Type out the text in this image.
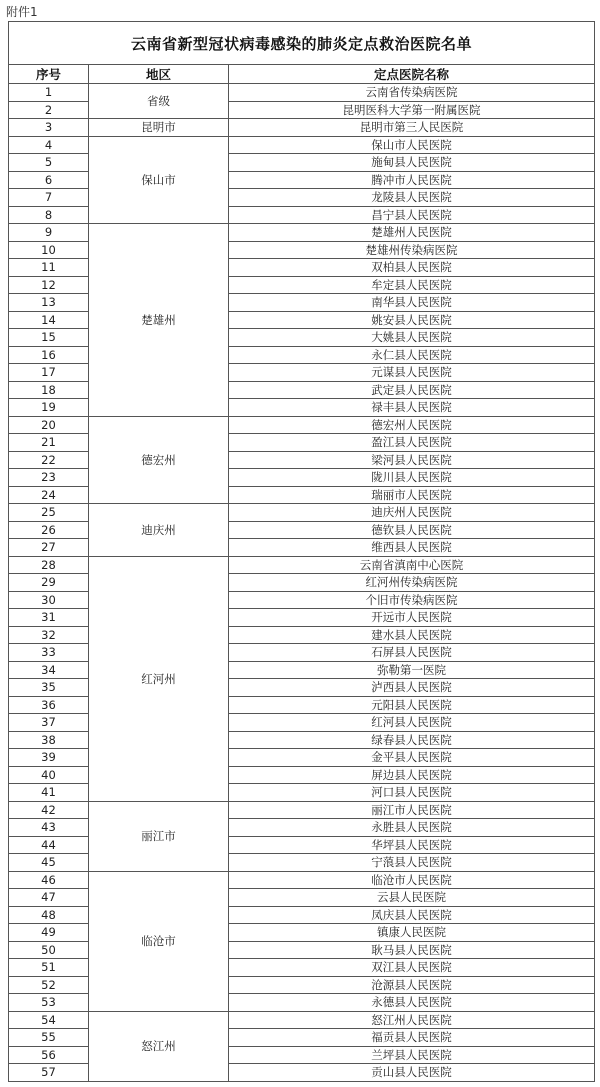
附件1
云南省新型冠状病毒感染的肺炎定点救治医院名单		
序号	地区	定点医院名称
1	省级	云南省传染病医院
2		昆明医科大学第一附属医院
3	昆明市	昆明市第三人民医院
4	保山市	保山市人民医院
5		施甸县人民医院
6		腾冲市人民医院
7		龙陵县人民医院
8		昌宁县人民医院
9	楚雄州	楚雄州人民医院
10		楚雄州传染病医院
11		双柏县人民医院
12		牟定县人民医院
13		南华县人民医院
14		姚安县人民医院
15		大姚县人民医院
16		永仁县人民医院
17		元谋县人民医院
18		武定县人民医院
19		禄丰县人民医院
20	德宏州	德宏州人民医院
21		盈江县人民医院
22		梁河县人民医院
23		陇川县人民医院
24		瑞丽市人民医院
25	迪庆州	迪庆州人民医院
26		德钦县人民医院
27		维西县人民医院
28	红河州	云南省滇南中心医院
29		红河州传染病医院
30		个旧市传染病医院
31		开远市人民医院
32		建水县人民医院
33		石屏县人民医院
34		弥勒第一医院
35		泸西县人民医院
36		元阳县人民医院
37		红河县人民医院
38		绿春县人民医院
39		金平县人民医院
40		屏边县人民医院
41		河口县人民医院
42	丽江市	丽江市人民医院
43		永胜县人民医院
44		华坪县人民医院
45		宁蒗县人民医院
46	临沧市	临沧市人民医院
47		云县人民医院
48		凤庆县人民医院
49		镇康人民医院
50		耿马县人民医院
51		双江县人民医院
52		沧源县人民医院
53		永德县人民医院
54	怒江州	怒江州人民医院
55		福贡县人民医院
56		兰坪县人民医院
57		贡山县人民医院
